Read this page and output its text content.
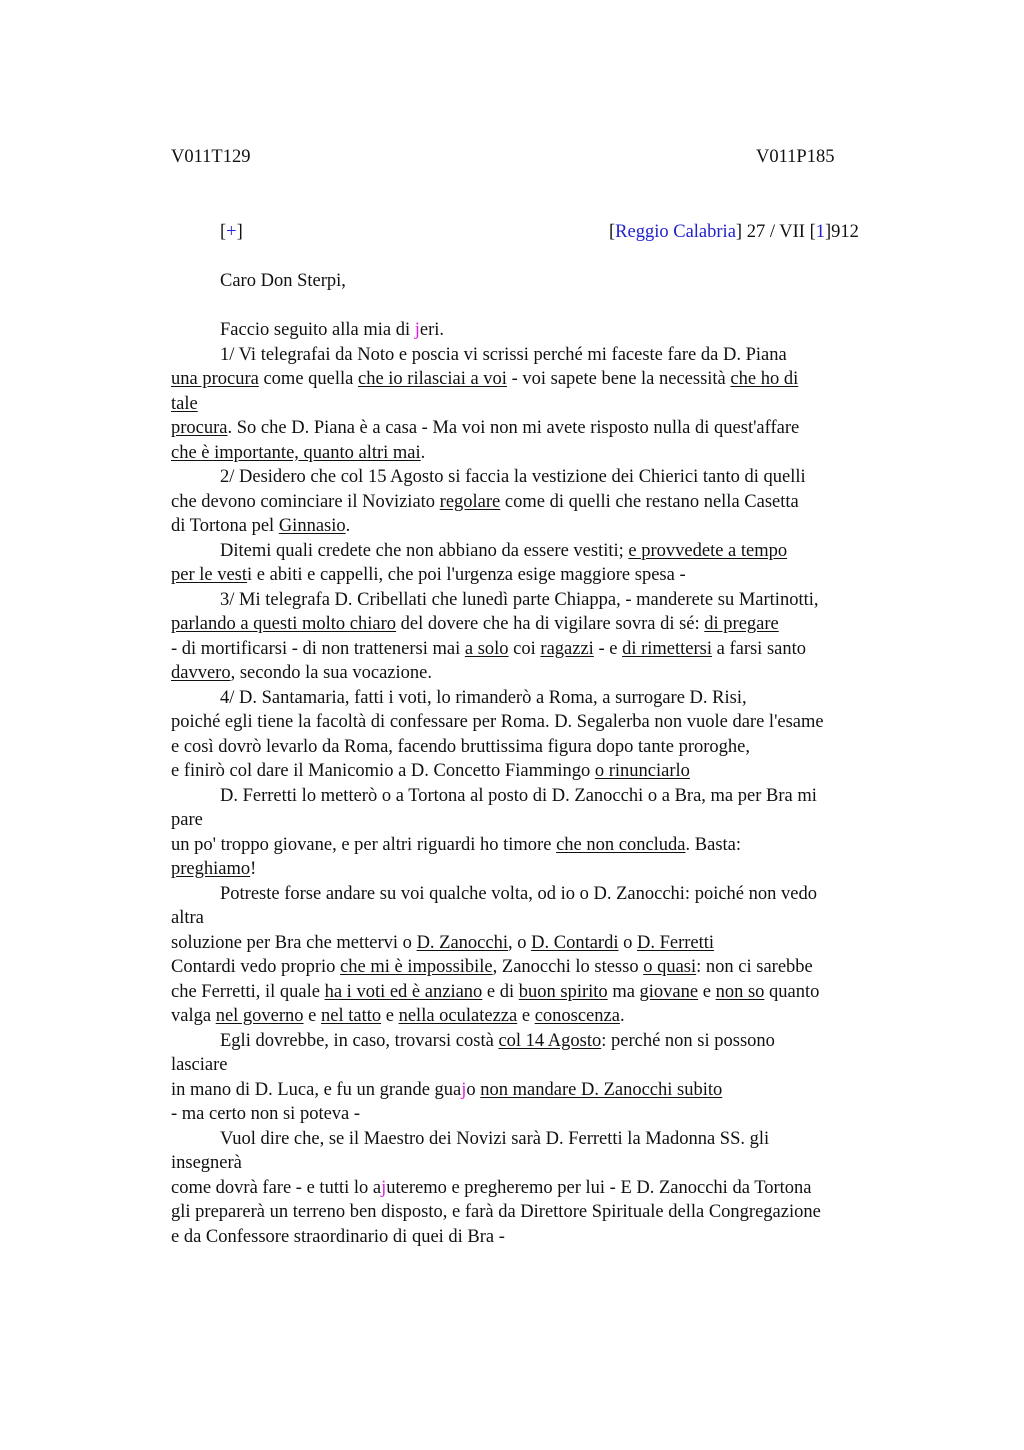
V011T129	V011P185
[+]	[Reggio Calabria] 27 / VII [1]912
Caro Don Sterpi,
Faccio seguito alla mia di jeri.
1/ Vi telegrafai da Noto e poscia vi scrissi perché mi faceste fare da D. Piana
una procura come quella che io rilasciai a voi - voi sapete bene la necessità che ho di
tale
procura. So che D. Piana è a casa - Ma voi non mi avete risposto nulla di quest'affare
che è importante, quanto altri mai.
2/ Desidero che col 15 Agosto si faccia la vestizione dei Chierici tanto di quelli
che devono cominciare il Noviziato regolare come di quelli che restano nella Casetta
di Tortona pel Ginnasio.
Ditemi quali credete che non abbiano da essere vestiti; e provvedete a tempo
per le vesti e abiti e cappelli, che poi l'urgenza esige maggiore spesa -
3/ Mi telegrafa D. Cribellati che lunedì parte Chiappa, - manderete su Martinotti,
parlando a questi molto chiaro del dovere che ha di vigilare sovra di sé: di pregare
- di mortificarsi - di non trattenersi mai a solo coi ragazzi - e di rimettersi a farsi santo
davvero, secondo la sua vocazione.
4/ D. Santamaria, fatti i voti, lo rimanderò a Roma, a surrogare D. Risi,
poiché egli tiene la facoltà di confessare per Roma. D. Segalerba non vuole dare l'esame
e così dovrò levarlo da Roma, facendo bruttissima figura dopo tante proroghe,
e finirò col dare il Manicomio a D. Concetto Fiammingo o rinunciarlo
D. Ferretti lo metterò o a Tortona al posto di D. Zanocchi o a Bra, ma per Bra mi
pare
un po' troppo giovane, e per altri riguardi ho timore che non concluda. Basta:
preghiamo!
Potreste forse andare su voi qualche volta, od io o D. Zanocchi: poiché non vedo
altra
soluzione per Bra che mettervi o D. Zanocchi, o D. Contardi o D. Ferretti
Contardi vedo proprio che mi è impossibile, Zanocchi lo stesso o quasi: non ci sarebbe
che Ferretti, il quale ha i voti ed è anziano e di buon spirito ma giovane e non so quanto
valga nel governo e nel tatto e nella oculatezza e conoscenza.
Egli dovrebbe, in caso, trovarsi costà col 14 Agosto: perché non si possono
lasciare
in mano di D. Luca, e fu un grande guajo non mandare D. Zanocchi subito
- ma certo non si poteva -
Vuol dire che, se il Maestro dei Novizi sarà D. Ferretti la Madonna SS. gli
insegnerà
come dovrà fare - e tutti lo ajuteremo e pregheremo per lui - E D. Zanocchi da Tortona
gli preparerà un terreno ben disposto, e farà da Direttore Spirituale della Congregazione
e da Confessore straordinario di quei di Bra -
